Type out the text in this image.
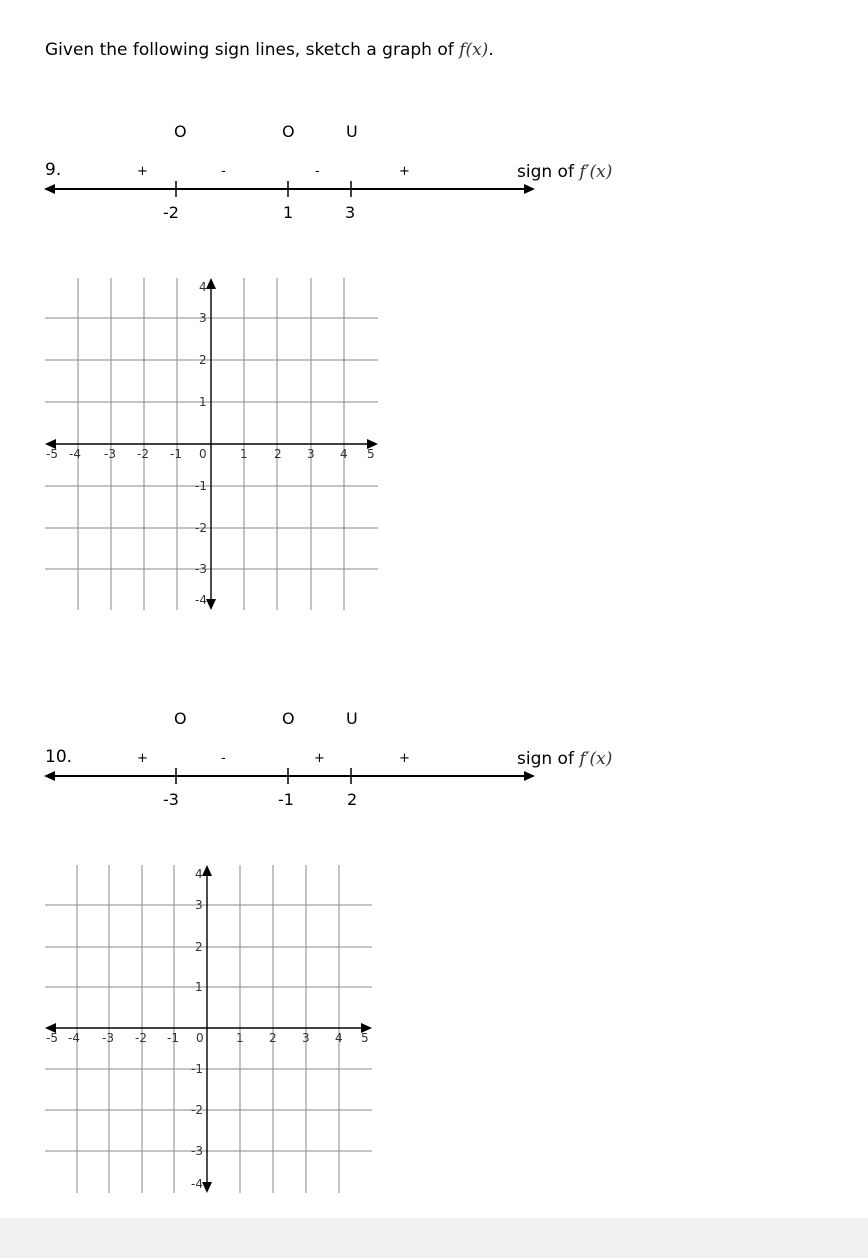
Given the following sign lines, sketch a graph of f(x).
9.
O	O	U
+	-	-	+
-2	1	3
sign of f′(x)
-5 -4 -3 -2 -1 0	1 2 3 4 5
4
3
2
1
-1
-2
-3
-4
10.
O	O	U
+	-	+	+
-3	-1	2
sign of f′(x)
-5 -4 -3 -2 -1 0	1 2 3 4 5
4
3
2
1
-1
-2
-3
-4
